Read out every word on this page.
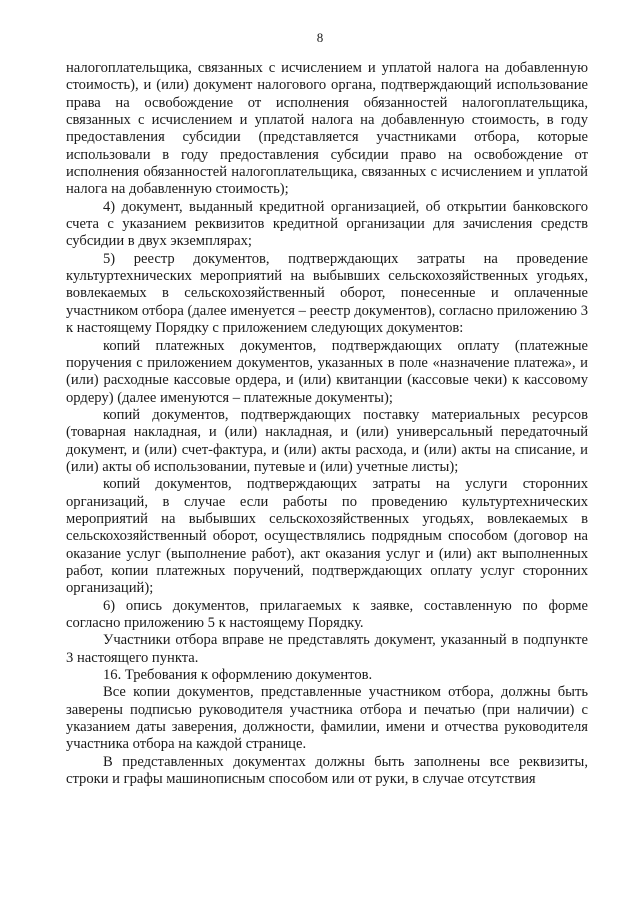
8

налогоплательщика, связанных с исчислением и уплатой налога на добавленную стоимость), и (или) документ налогового органа, подтверждающий использование права на освобождение от исполнения обязанностей налогоплательщика, связанных с исчислением и уплатой налога на добавленную стоимость, в году предоставления субсидии (представляется участниками отбора, которые использовали в году предоставления субсидии право на освобождение от исполнения обязанностей налогоплательщика, связанных с исчислением и уплатой налога на добавленную стоимость);

4) документ, выданный кредитной организацией, об открытии банковского счета с указанием реквизитов кредитной организации для зачисления средств субсидии в двух экземплярах;

5) реестр документов, подтверждающих затраты на проведение культуртехнических мероприятий на выбывших сельскохозяйственных угодьях, вовлекаемых в сельскохозяйственный оборот, понесенные и оплаченные участником отбора (далее именуется – реестр документов), согласно приложению 3 к настоящему Порядку с приложением следующих документов:

копий платежных документов, подтверждающих оплату (платежные поручения с приложением документов, указанных в поле «назначение платежа», и (или) расходные кассовые ордера, и (или) квитанции (кассовые чеки) к кассовому ордеру) (далее именуются – платежные документы);

копий документов, подтверждающих поставку материальных ресурсов (товарная накладная, и (или) накладная, и (или) универсальный передаточный документ, и (или) счет-фактура, и (или) акты расхода, и (или) акты на списание, и (или) акты об использовании, путевые и (или) учетные листы);

копий документов, подтверждающих затраты на услуги сторонних организаций, в случае если работы по проведению культуртехнических мероприятий на выбывших сельскохозяйственных угодьях, вовлекаемых в сельскохозяйственный оборот, осуществлялись подрядным способом (договор на оказание услуг (выполнение работ), акт оказания услуг и (или) акт выполненных работ, копии платежных поручений, подтверждающих оплату услуг сторонних организаций);

6) опись документов, прилагаемых к заявке, составленную по форме согласно приложению 5 к настоящему Порядку.

Участники отбора вправе не представлять документ, указанный в подпункте 3 настоящего пункта.

16. Требования к оформлению документов.

Все копии документов, представленные участником отбора, должны быть заверены подписью руководителя участника отбора и печатью (при наличии) с указанием даты заверения, должности, фамилии, имени и отчества руководителя участника отбора на каждой странице.

В представленных документах должны быть заполнены все реквизиты, строки и графы машинописным способом или от руки, в случае отсутствия
